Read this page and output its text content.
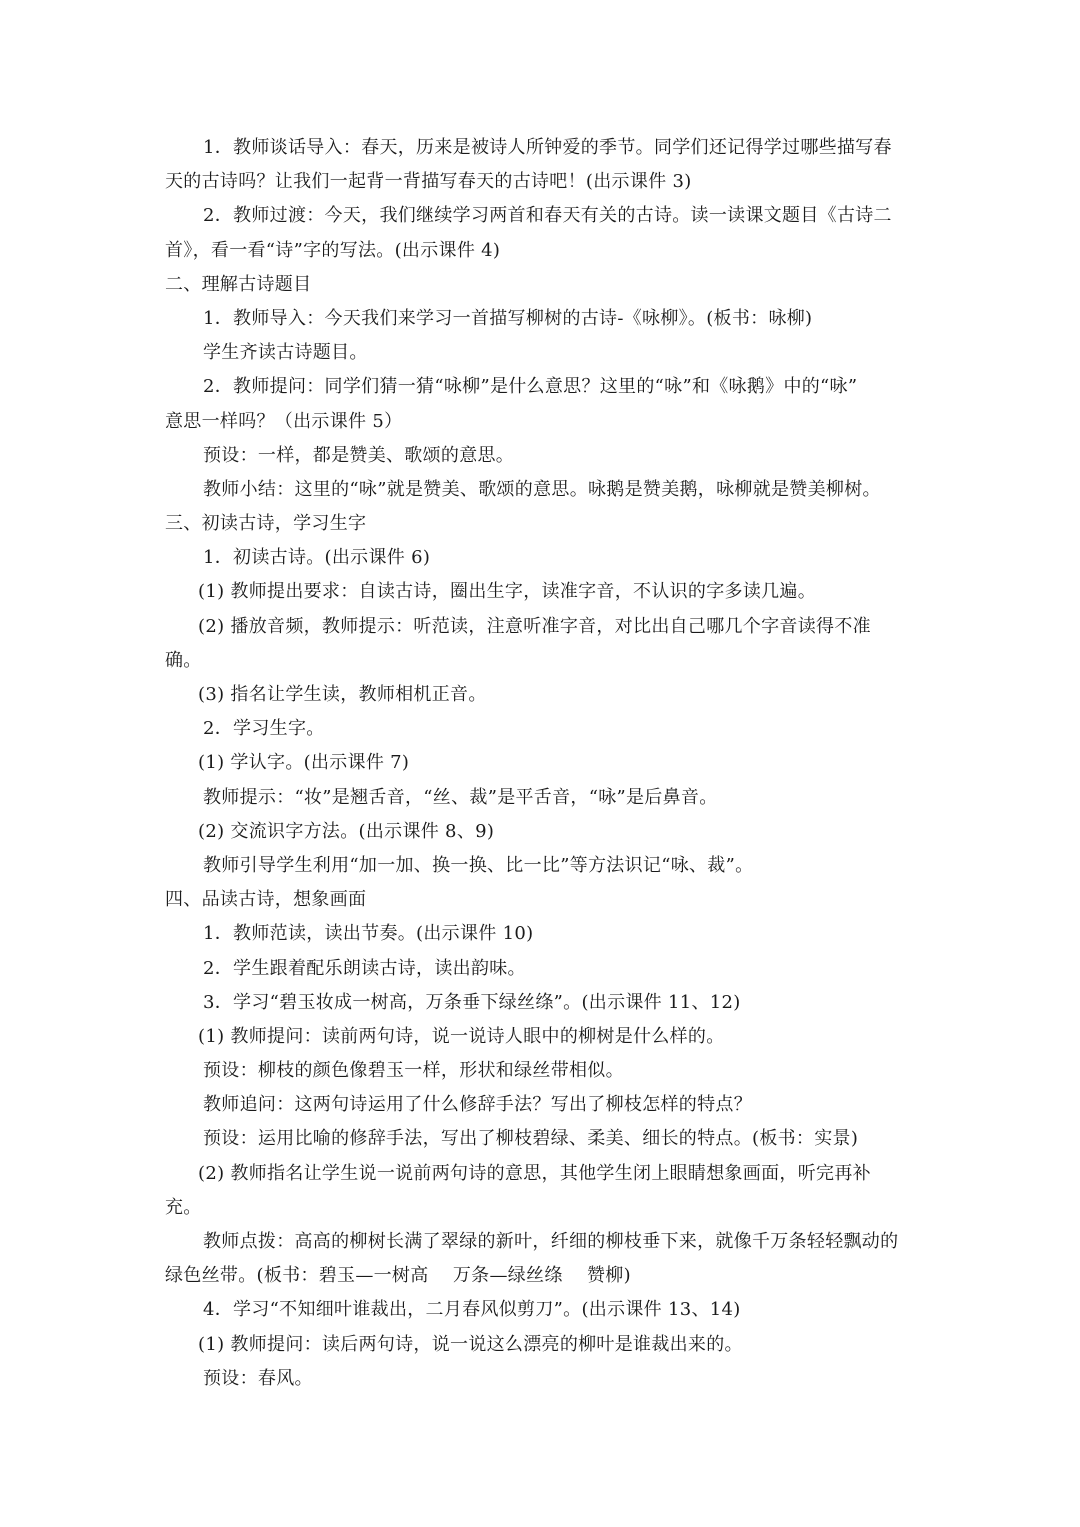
1．教师谈话导入：春天，历来是被诗人所钟爱的季节。同学们还记得学过哪些描写春
天的古诗吗？让我们一起背一背描写春天的古诗吧！(出示课件 3)
2．教师过渡：今天，我们继续学习两首和春天有关的古诗。读一读课文题目《古诗二
首》，看一看“诗”字的写法。(出示课件 4)
二、理解古诗题目
1．教师导入：今天我们来学习一首描写柳树的古诗-《咏柳》。(板书：咏柳)
学生齐读古诗题目。
2．教师提问：同学们猜一猜“咏柳”是什么意思？这里的“咏”和《咏鹅》中的“咏”
意思一样吗？（出示课件 5）
预设：一样，都是赞美、歌颂的意思。
教师小结：这里的“咏”就是赞美、歌颂的意思。咏鹅是赞美鹅，咏柳就是赞美柳树。
三、初读古诗，学习生字
1．初读古诗。(出示课件 6)
(1) 教师提出要求：自读古诗，圈出生字，读准字音，不认识的字多读几遍。
(2) 播放音频，教师提示：听范读，注意听准字音，对比出自己哪几个字音读得不准
确。
(3) 指名让学生读，教师相机正音。
2．学习生字。
(1) 学认字。(出示课件 7)
教师提示：“妆”是翘舌音，“丝、裁”是平舌音，“咏”是后鼻音。
(2) 交流识字方法。(出示课件 8、9)
教师引导学生利用“加一加、换一换、比一比”等方法识记“咏、裁”。
四、品读古诗，想象画面
1．教师范读，读出节奏。(出示课件 10)
2．学生跟着配乐朗读古诗，读出韵味。
3．学习“碧玉妆成一树高，万条垂下绿丝绦”。(出示课件 11、12)
(1) 教师提问：读前两句诗，说一说诗人眼中的柳树是什么样的。
预设：柳枝的颜色像碧玉一样，形状和绿丝带相似。
教师追问：这两句诗运用了什么修辞手法？写出了柳枝怎样的特点？
预设：运用比喻的修辞手法，写出了柳枝碧绿、柔美、细长的特点。(板书：实景)
(2) 教师指名让学生说一说前两句诗的意思，其他学生闭上眼睛想象画面，听完再补
充。
教师点拨：高高的柳树长满了翠绿的新叶，纤细的柳枝垂下来，就像千万条轻轻飘动的
绿色丝带。(板书：碧玉—一树高　 万条—绿丝绦　 赞柳)
4．学习“不知细叶谁裁出，二月春风似剪刀”。(出示课件 13、14)
(1) 教师提问：读后两句诗，说一说这么漂亮的柳叶是谁裁出来的。
预设：春风。
